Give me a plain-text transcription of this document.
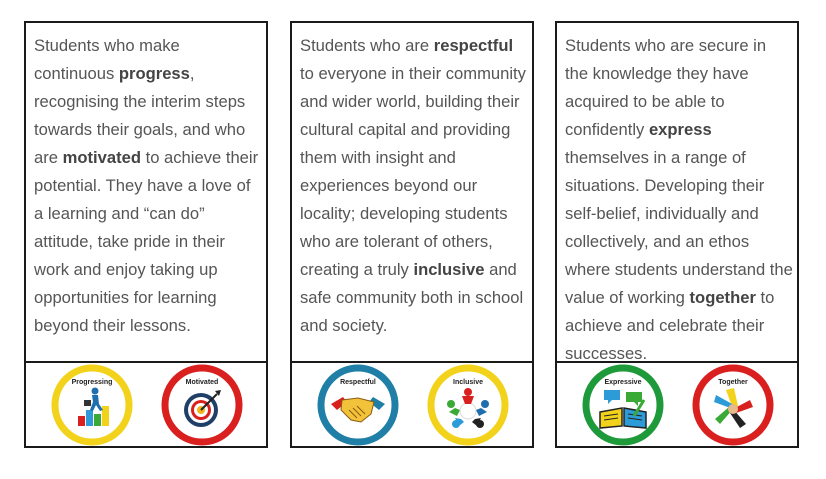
Students who make continuous progress, recognising the interim steps towards their goals, and who are motivated to achieve their potential. They have a love of a learning and “can do” attitude, take pride in their work and enjoy taking up opportunities for learning beyond their lessons.
Progressing	Motivated
Students who are respectful to everyone in their community and wider world, building their cultural capital and providing them with insight and experiences beyond our locality; developing students who are tolerant of others, creating a truly inclusive and safe community both in school and society.
Respectful	Inclusive
Students who are secure in the knowledge they have acquired to be able to confidently express themselves in a range of situations. Developing their self-belief, individually and collectively, and an ethos where students understand the value of working together to achieve and celebrate their successes.
Expressive	Together
